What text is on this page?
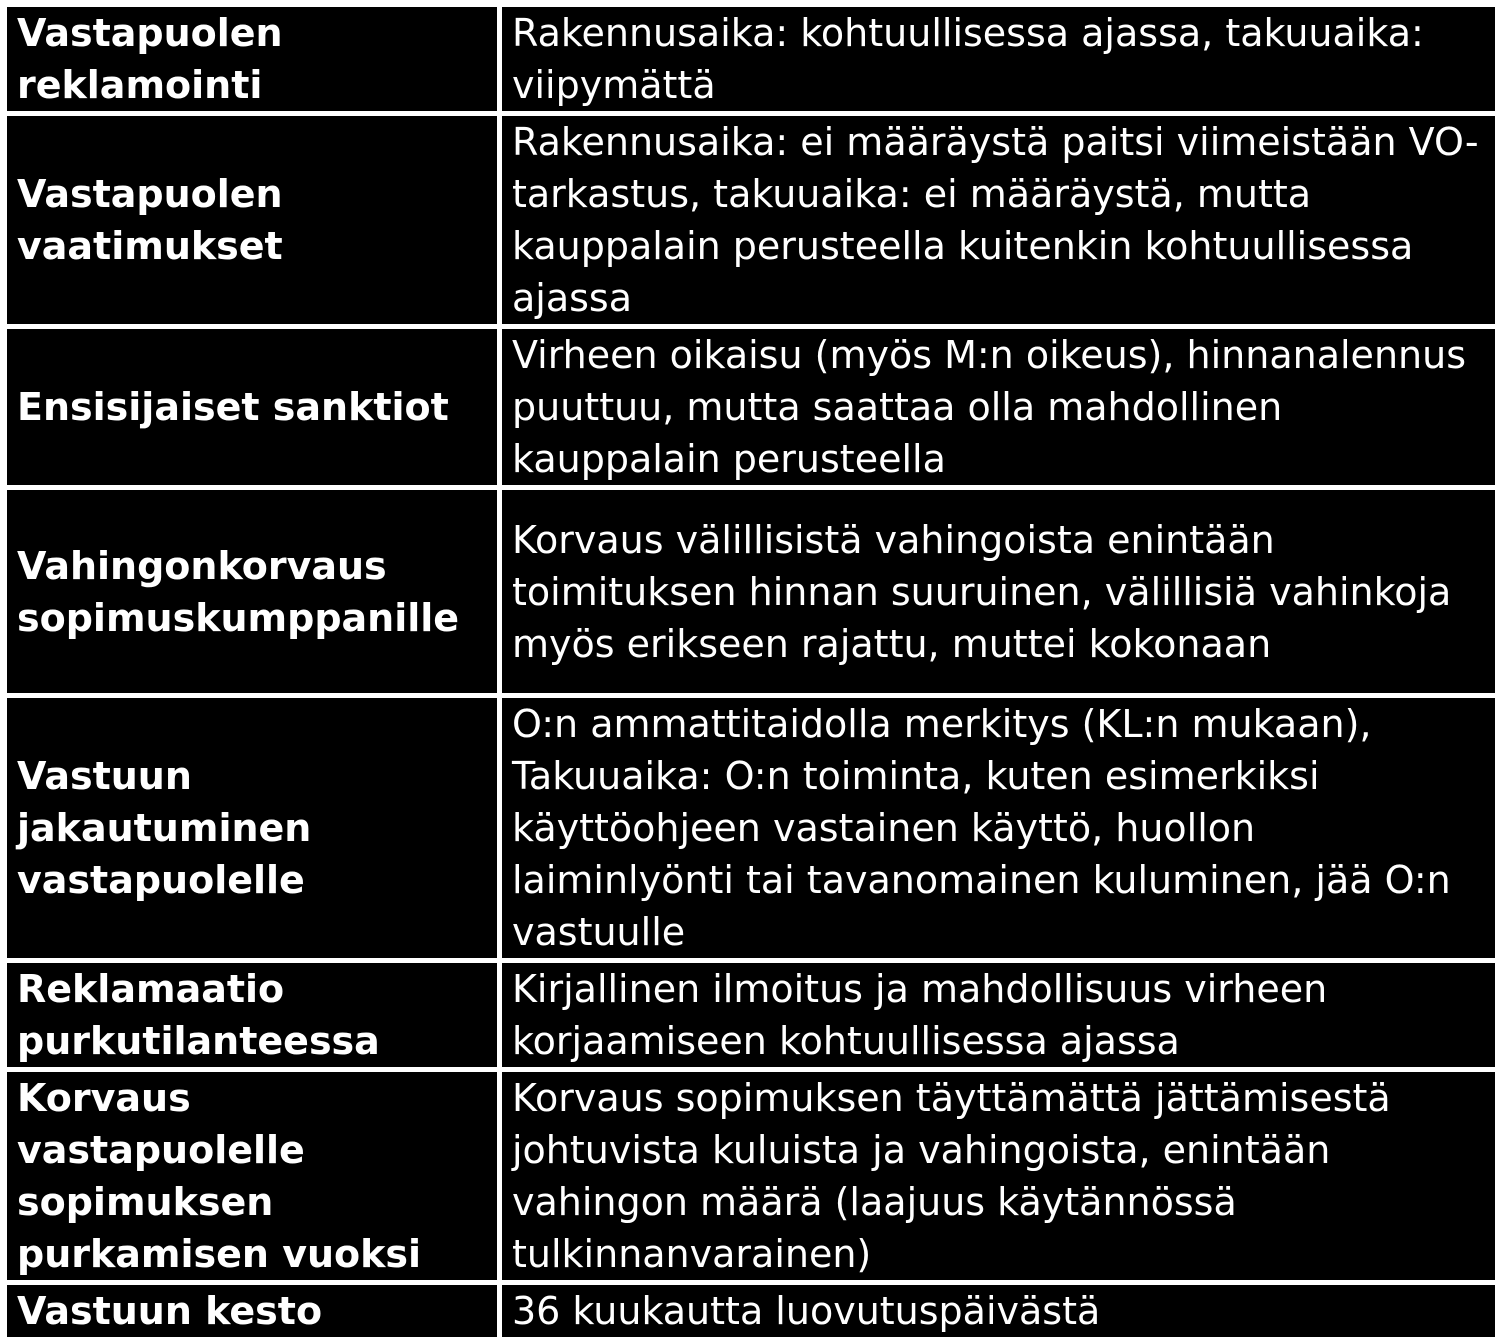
Vastapuolen reklamointi	Rakennusaika: kohtuullisessa ajassa, takuuaika: viipymättä
Vastapuolen vaatimukset	Rakennusaika: ei määräystä paitsi viimeistään VO-tarkastus, takuuaika: ei määräystä, mutta kauppalain perusteella kuitenkin kohtuullisessa ajassa
Ensisijaiset sanktiot	Virheen oikaisu (myös M:n oikeus), hinnanalennus puuttuu, mutta saattaa olla mahdollinen kauppalain perusteella
Vahingonkorvaus sopimuskumppanille	Korvaus välillisistä vahingoista enintään toimituksen hinnan suuruinen, välillisiä vahinkoja myös erikseen rajattu, muttei kokonaan
Vastuun jakautuminen vastapuolelle	O:n ammattitaidolla merkitys (KL:n mukaan), Takuuaika: O:n toiminta, kuten esimerkiksi käyttöohjeen vastainen käyttö, huollon laiminlyönti tai tavanomainen kuluminen, jää O:n vastuulle
Reklamaatio purkutilanteessa	Kirjallinen ilmoitus ja mahdollisuus virheen korjaamiseen kohtuullisessa ajassa
Korvaus vastapuolelle sopimuksen purkamisen vuoksi	Korvaus sopimuksen täyttämättä jättämisestä johtuvista kuluista ja vahingoista, enintään vahingon määrä (laajuus käytännössä tulkinnanvarainen)
Vastuun kesto	36 kuukautta luovutuspäivästä
